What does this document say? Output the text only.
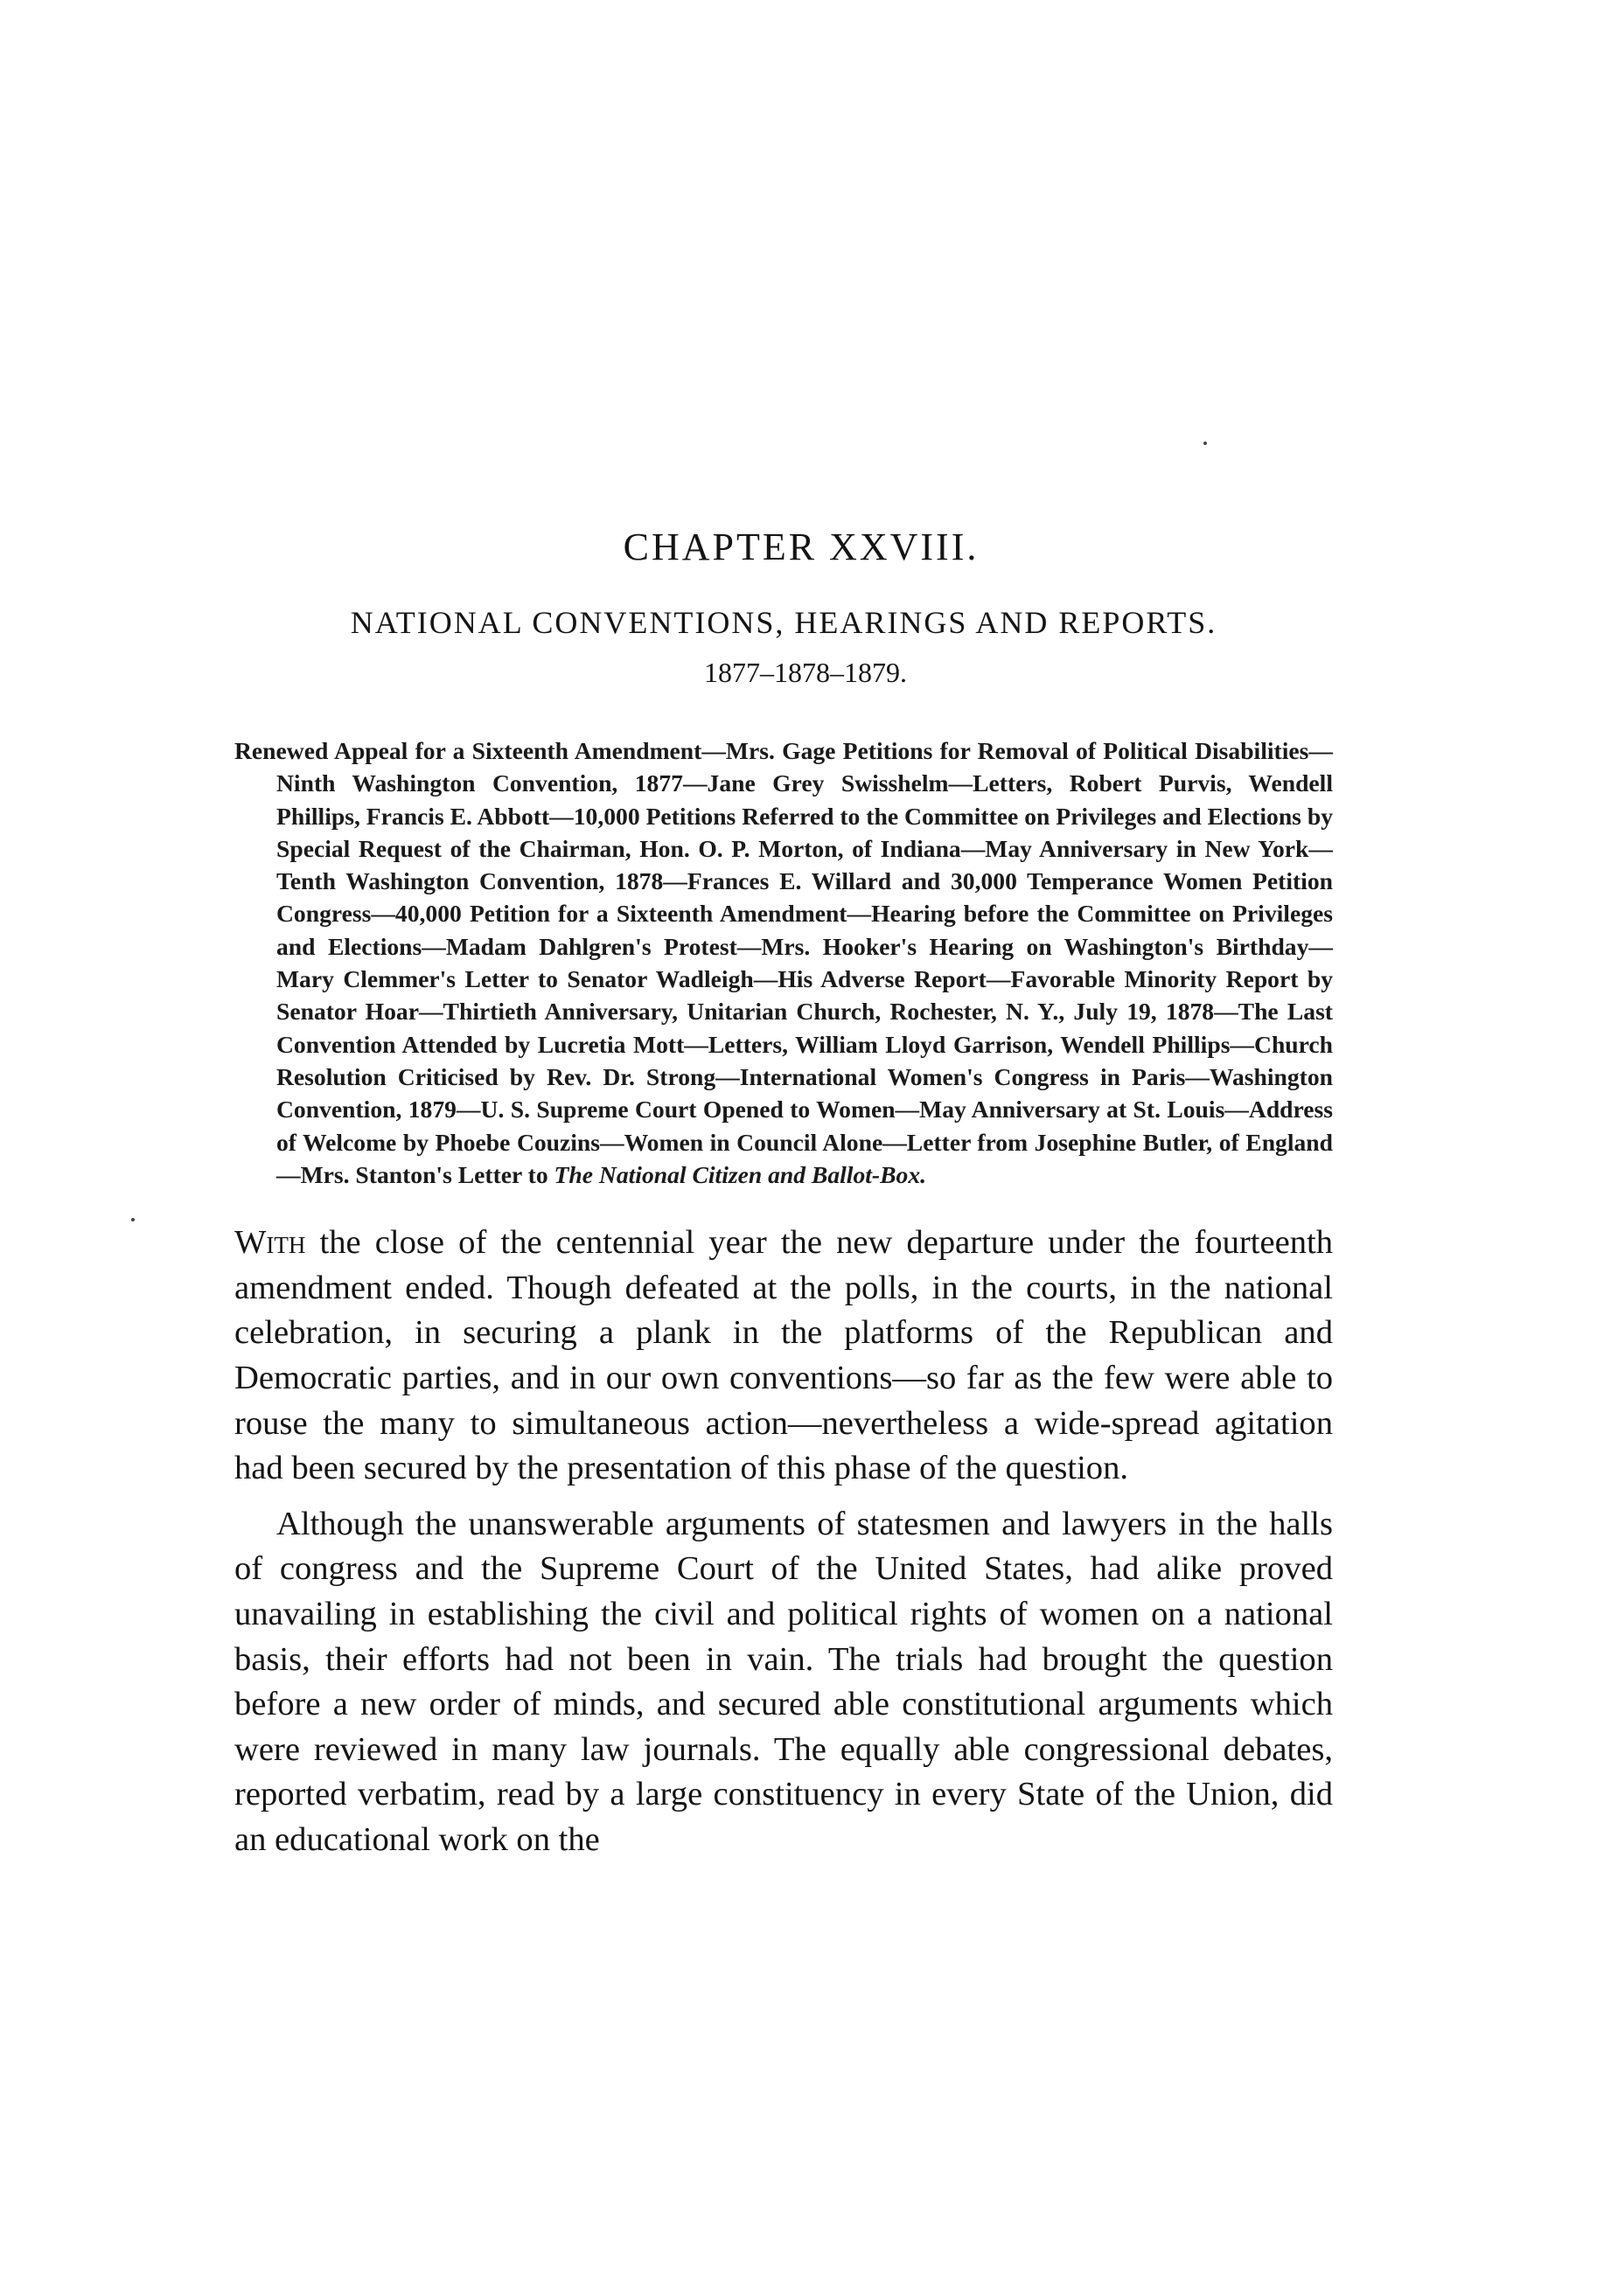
CHAPTER XXVIII.
NATIONAL CONVENTIONS, HEARINGS AND REPORTS.
1877–1878–1879.

Renewed Appeal for a Sixteenth Amendment—Mrs. Gage Petitions for Removal of Political Disabilities—Ninth Washington Convention, 1877—Jane Grey Swisshelm—Letters, Robert Purvis, Wendell Phillips, Francis E. Abbott—10,000 Petitions Referred to the Committee on Privileges and Elections by Special Request of the Chairman, Hon. O. P. Morton, of Indiana—May Anniversary in New York—Tenth Washington Convention, 1878—Frances E. Willard and 30,000 Temperance Women Petition Congress—40,000 Petition for a Sixteenth Amendment—Hearing before the Committee on Privileges and Elections—Madam Dahlgren's Protest—Mrs. Hooker's Hearing on Washington's Birthday—Mary Clemmer's Letter to Senator Wadleigh—His Adverse Report—Favorable Minority Report by Senator Hoar—Thirtieth Anniversary, Unitarian Church, Rochester, N. Y., July 19, 1878—The Last Convention Attended by Lucretia Mott—Letters, William Lloyd Garrison, Wendell Phillips—Church Resolution Criticised by Rev. Dr. Strong—International Women's Congress in Paris—Washington Convention, 1879—U. S. Supreme Court Opened to Women—May Anniversary at St. Louis—Address of Welcome by Phoebe Couzins—Women in Council Alone—Letter from Josephine Butler, of England—Mrs. Stanton's Letter to The National Citizen and Ballot-Box.

With the close of the centennial year the new departure under the fourteenth amendment ended. Though defeated at the polls, in the courts, in the national celebration, in securing a plank in the platforms of the Republican and Democratic parties, and in our own conventions—so far as the few were able to rouse the many to simultaneous action—nevertheless a wide-spread agitation had been secured by the presentation of this phase of the question.

Although the unanswerable arguments of statesmen and lawyers in the halls of congress and the Supreme Court of the United States, had alike proved unavailing in establishing the civil and political rights of women on a national basis, their efforts had not been in vain. The trials had brought the question before a new order of minds, and secured able constitutional arguments which were reviewed in many law journals. The equally able congressional debates, reported verbatim, read by a large constituency in every State of the Union, did an educational work on the
